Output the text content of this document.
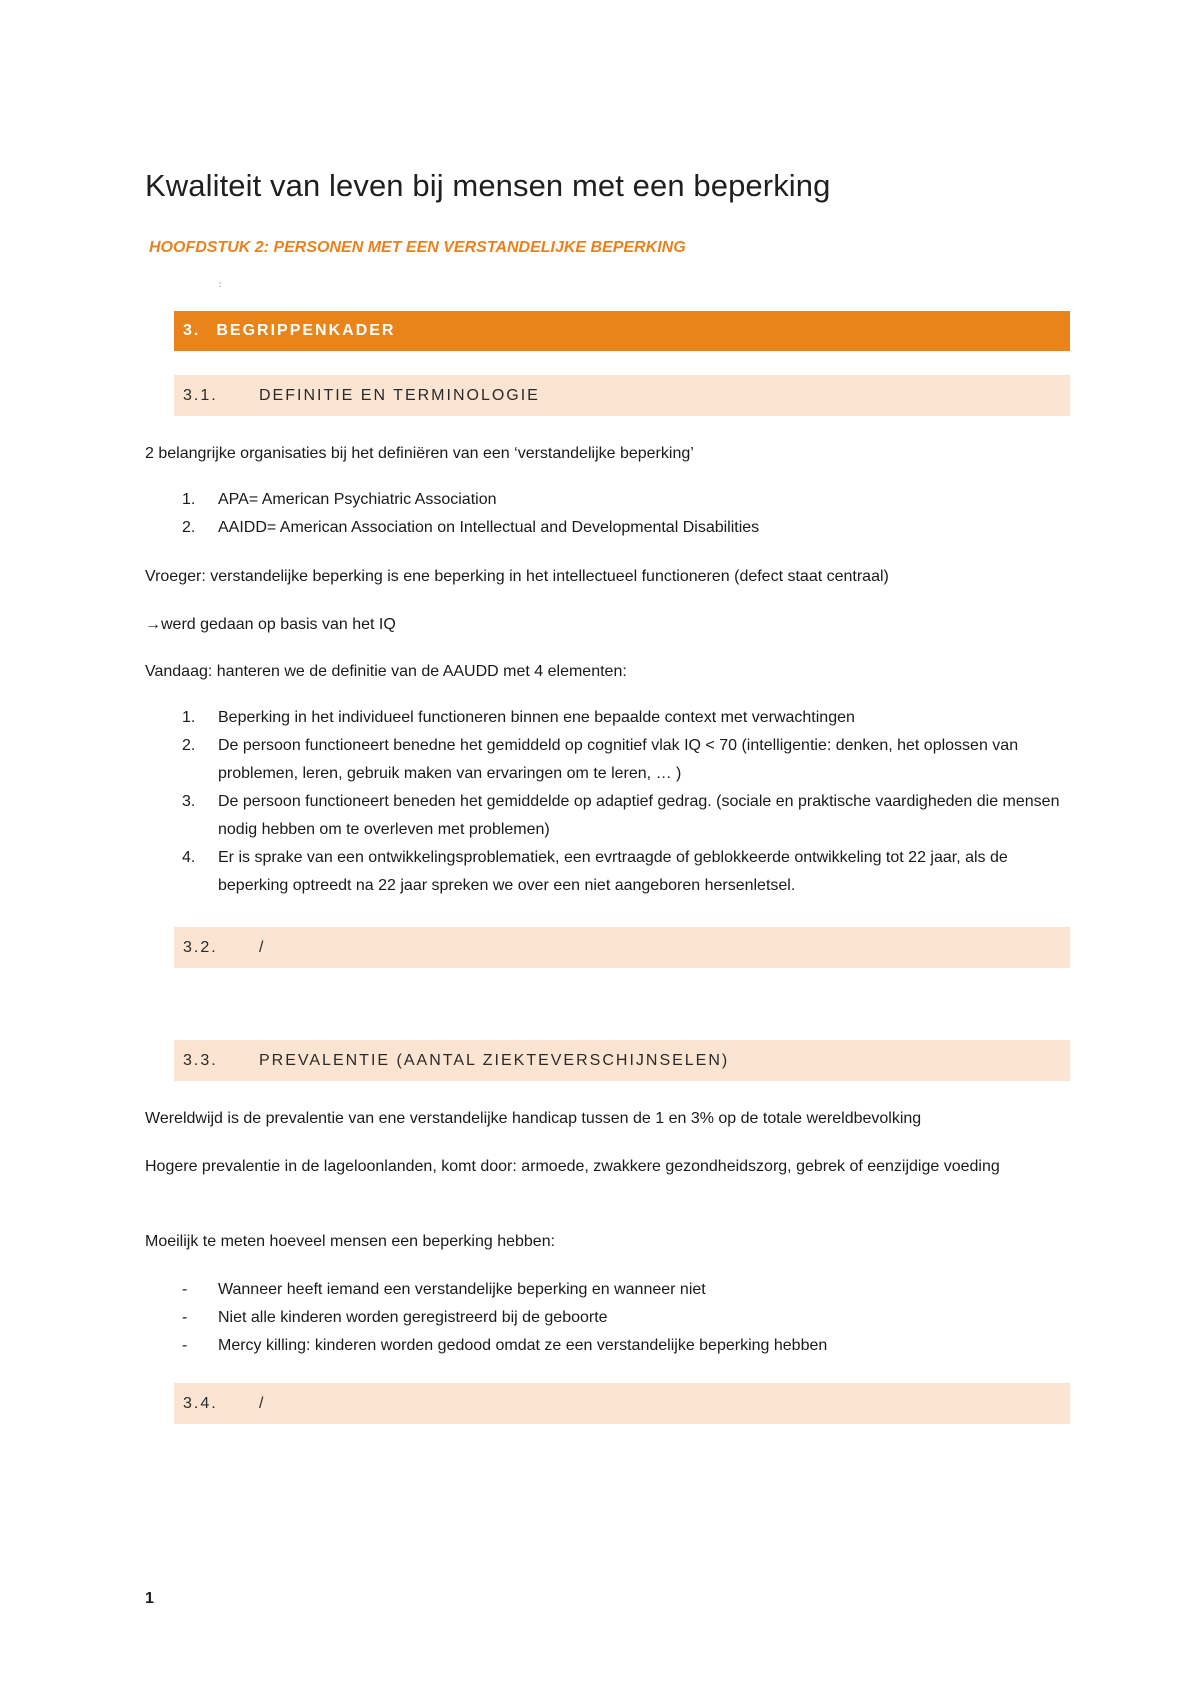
Kwaliteit van leven bij mensen met een beperking

HOOFDSTUK 2: PERSONEN MET EEN VERSTANDELIJKE BEPERKING

:
3. BEGRIPPENKADER
3.1.	DEFINITIE EN TERMINOLOGIE

2 belangrijke organisaties bij het definiëren van een ‘verstandelijke beperking’

1. APA= American Psychiatric Association
2. AAIDD= American Association on Intellectual and Developmental Disabilities

Vroeger: verstandelijke beperking is ene beperking in het intellectueel functioneren (defect staat centraal)

→werd gedaan op basis van het IQ

Vandaag: hanteren we de definitie van de AAUDD met 4 elementen:

1. Beperking in het individueel functioneren binnen ene bepaalde context met verwachtingen
2. De persoon functioneert benedne het gemiddeld op cognitief vlak IQ < 70 (intelligentie: denken, het oplossen van problemen, leren, gebruik maken van ervaringen om te leren, … )
3. De persoon functioneert beneden het gemiddelde op adaptief gedrag. (sociale en praktische vaardigheden die mensen nodig hebben om te overleven met problemen)
4. Er is sprake van een ontwikkelingsproblematiek, een evrtraagde of geblokkeerde ontwikkeling tot 22 jaar, als de beperking optreedt na 22 jaar spreken we over een niet aangeboren hersenletsel.
3.2.	/
3.3.	PREVALENTIE (AANTAL ZIEKTEVERSCHIJNSELEN)

Wereldwijd is de prevalentie van ene verstandelijke handicap tussen de 1 en 3% op de totale wereldbevolking

Hogere prevalentie in de lageloonlanden, komt door: armoede, zwakkere gezondheidszorg, gebrek of eenzijdige voeding

Moeilijk te meten hoeveel mensen een beperking hebben:

- Wanneer heeft iemand een verstandelijke beperking en wanneer niet
- Niet alle kinderen worden geregistreerd bij de geboorte
- Mercy killing: kinderen worden gedood omdat ze een verstandelijke beperking hebben
3.4.	/
1
